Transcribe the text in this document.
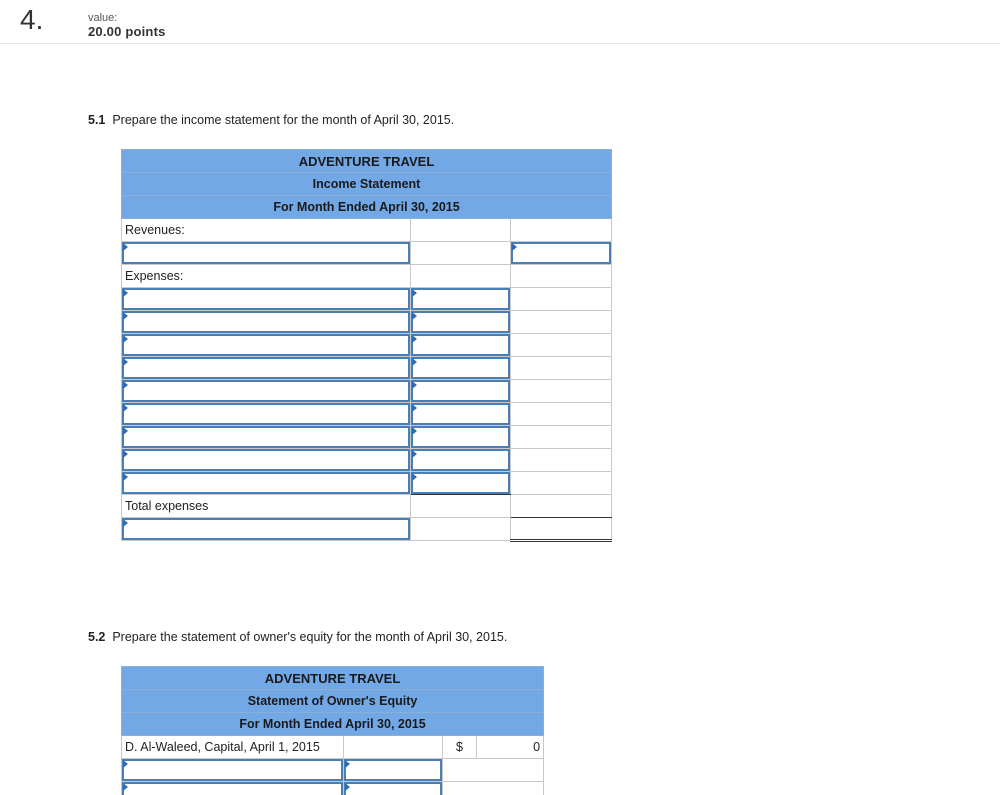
4.	value:
20.00 points
5.1 Prepare the income statement for the month of April 30, 2015.
ADVENTURE TRAVEL		
Income Statement		
For Month Ended April 30, 2015		
Revenues:		

Expenses:		

Total expenses		

5.2 Prepare the statement of owner's equity for the month of April 30, 2015.
ADVENTURE TRAVEL			
Statement of Owner's Equity			
For Month Ended April 30, 2015			
D. Al-Waleed, Capital, April 1, 2015		$	0
